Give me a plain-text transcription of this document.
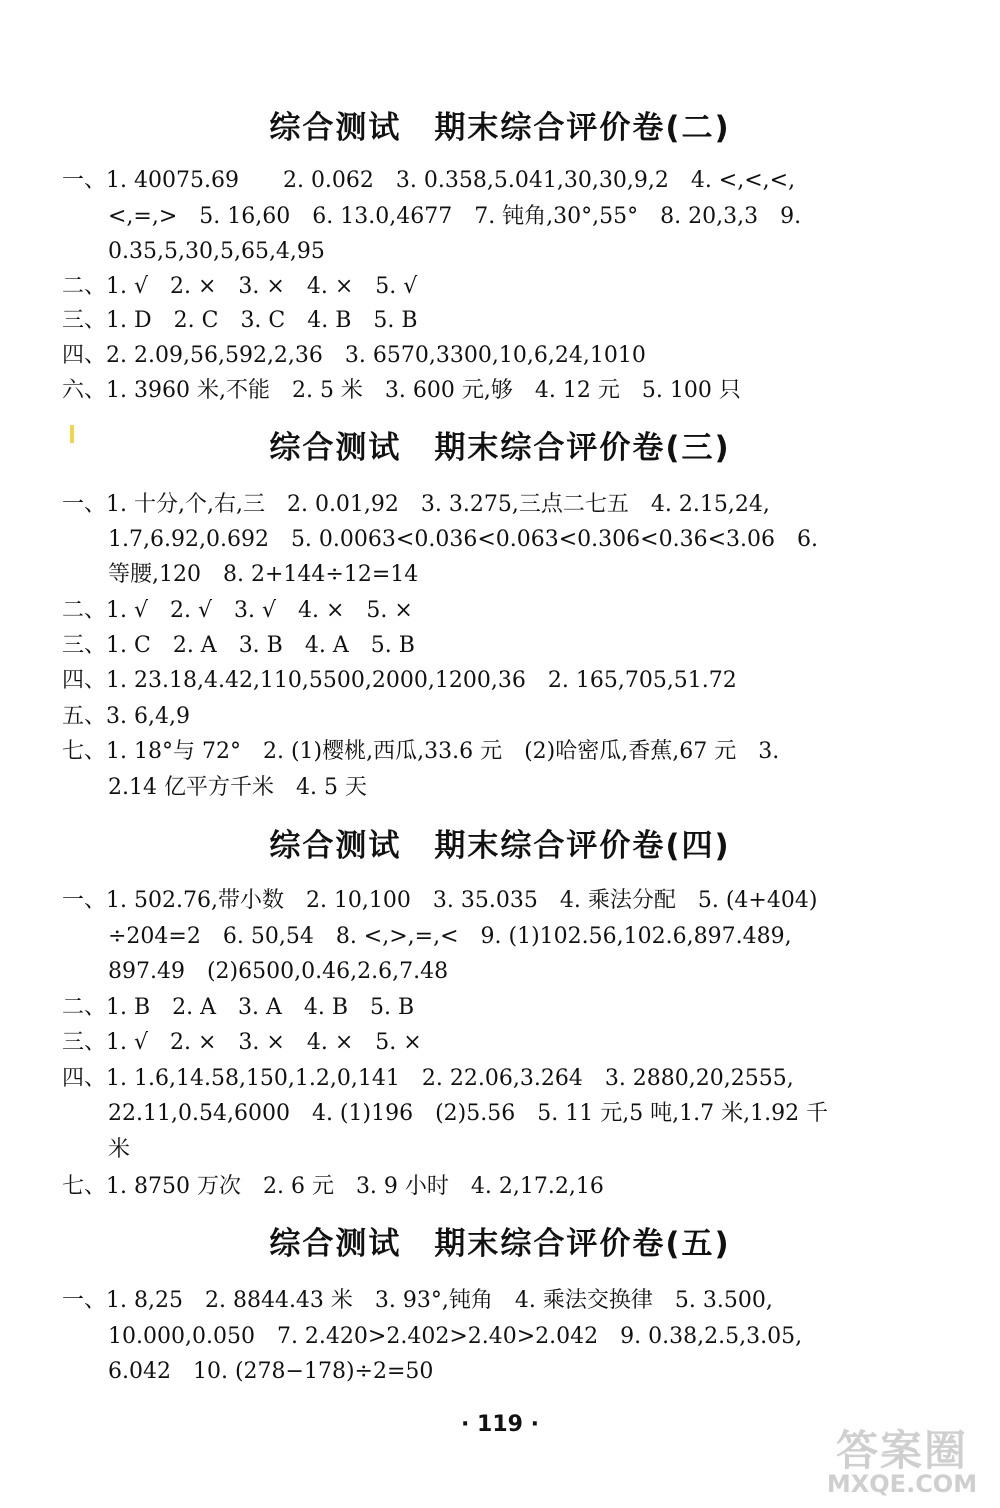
综合测试　期末综合评价卷(二)
一、1. 40075.69　　2. 0.062　3. 0.358,5.041,30,30,9,2　4. <,<,<,
<,=,>　5. 16,60　6. 13.0,4677　7. 钝角,30°,55°　8. 20,3,3　9.
0.35,5,30,5,65,4,95
二、1. √　2. ×　3. ×　4. ×　5. √
三、1. D　2. C　3. C　4. B　5. B
四、2. 2.09,56,592,2,36　3. 6570,3300,10,6,24,1010
六、1. 3960 米,不能　2. 5 米　3. 600 元,够　4. 12 元　5. 100 只
综合测试　期末综合评价卷(三)
一、1. 十分,个,右,三　2. 0.01,92　3. 3.275,三点二七五　4. 2.15,24,
1.7,6.92,0.692　5. 0.0063<0.036<0.063<0.306<0.36<3.06　6.
等腰,120　8. 2+144÷12=14
二、1. √　2. √　3. √　4. ×　5. ×
三、1. C　2. A　3. B　4. A　5. B
四、1. 23.18,4.42,110,5500,2000,1200,36　2. 165,705,51.72
五、3. 6,4,9
七、1. 18°与 72°　2. (1)樱桃,西瓜,33.6 元　(2)哈密瓜,香蕉,67 元　3.
2.14 亿平方千米　4. 5 天
综合测试　期末综合评价卷(四)
一、1. 502.76,带小数　2. 10,100　3. 35.035　4. 乘法分配　5. (4+404)
÷204=2　6. 50,54　8. <,>,=,<　9. (1)102.56,102.6,897.489,
897.49　(2)6500,0.46,2.6,7.48
二、1. B　2. A　3. A　4. B　5. B
三、1. √　2. ×　3. ×　4. ×　5. ×
四、1. 1.6,14.58,150,1.2,0,141　2. 22.06,3.264　3. 2880,20,2555,
22.11,0.54,6000　4. (1)196　(2)5.56　5. 11 元,5 吨,1.7 米,1.92 千
米
七、1. 8750 万次　2. 6 元　3. 9 小时　4. 2,17.2,16
综合测试　期末综合评价卷(五)
一、1. 8,25　2. 8844.43 米　3. 93°,钝角　4. 乘法交换律　5. 3.500,
10.000,0.050　7. 2.420>2.402>2.40>2.042　9. 0.38,2.5,3.05,
6.042　10. (278−178)÷2=50
· 119 ·
答案圈
MXQE.COM
